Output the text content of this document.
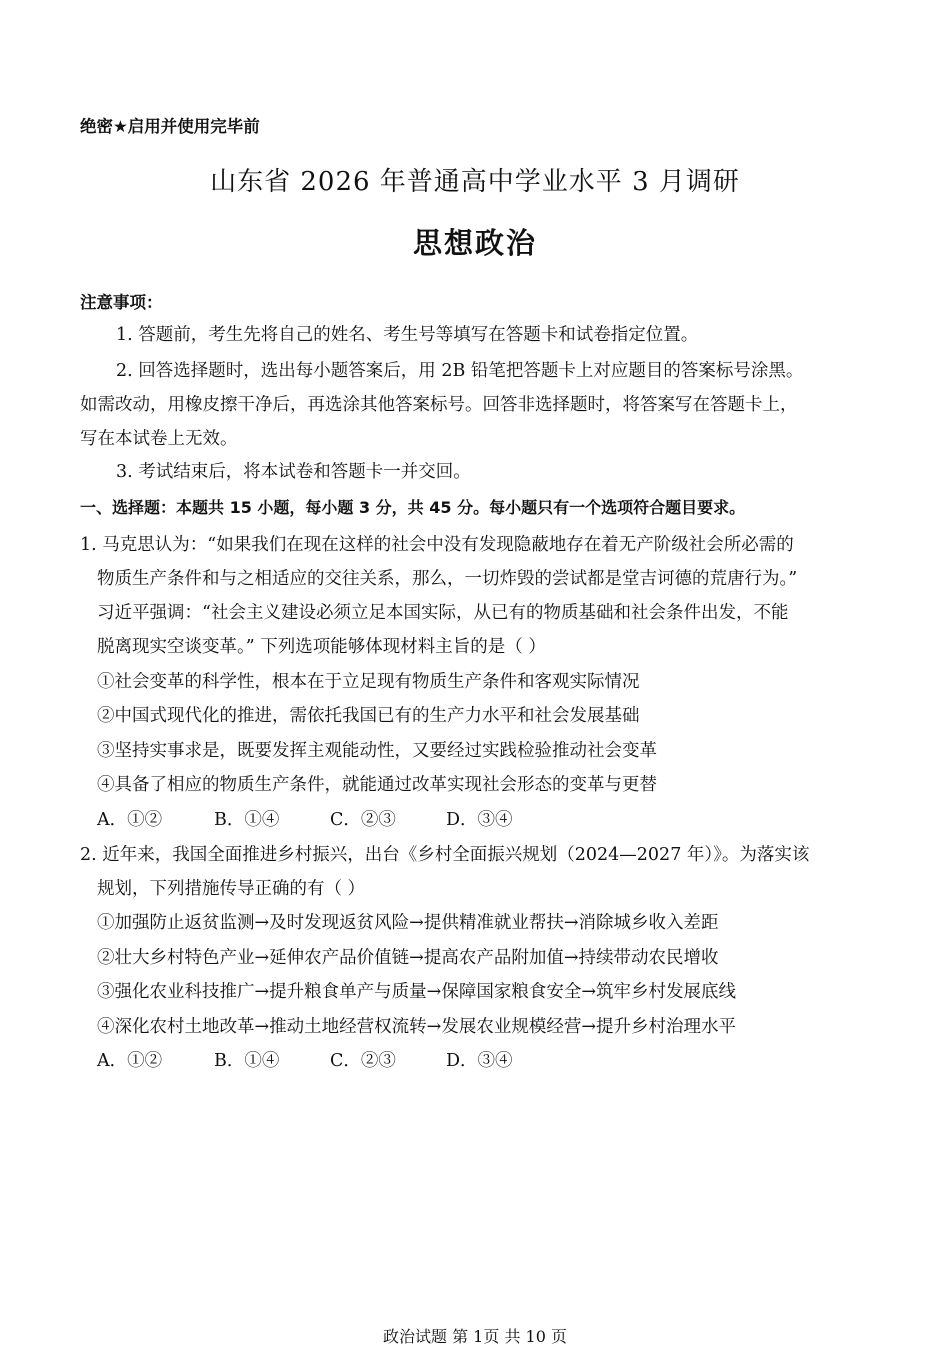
绝密★启用并使用完毕前
山东省 2026 年普通高中学业水平 3 月调研
思想政治
注意事项：
1. 答题前，考生先将自己的姓名、考生号等填写在答题卡和试卷指定位置。
2. 回答选择题时，选出每小题答案后，用 2B 铅笔把答题卡上对应题目的答案标号涂黑。
如需改动，用橡皮擦干净后，再选涂其他答案标号。回答非选择题时，将答案写在答题卡上，
写在本试卷上无效。
3. 考试结束后，将本试卷和答题卡一并交回。
一、选择题：本题共 15 小题，每小题 3 分，共 45 分。每小题只有一个选项符合题目要求。
1. 马克思认为：“如果我们在现在这样的社会中没有发现隐蔽地存在着无产阶级社会所必需的
物质生产条件和与之相适应的交往关系，那么，一切炸毁的尝试都是堂吉诃德的荒唐行为。”
习近平强调：“社会主义建设必须立足本国实际，从已有的物质基础和社会条件出发，不能
脱离现实空谈变革。” 下列选项能够体现材料主旨的是（ ）
①社会变革的科学性，根本在于立足现有物质生产条件和客观实际情况
②中国式现代化的推进，需依托我国已有的生产力水平和社会发展基础
③坚持实事求是，既要发挥主观能动性，又要经过实践检验推动社会变革
④具备了相应的物质生产条件，就能通过改革实现社会形态的变革与更替
A．①②	B．①④	C．②③	D．③④
2. 近年来，我国全面推进乡村振兴，出台《乡村全面振兴规划（2024—2027 年）》。为落实该
规划，下列措施传导正确的有（ ）
①加强防止返贫监测→及时发现返贫风险→提供精准就业帮扶→消除城乡收入差距
②壮大乡村特色产业→延伸农产品价值链→提高农产品附加值→持续带动农民增收
③强化农业科技推广→提升粮食单产与质量→保障国家粮食安全→筑牢乡村发展底线
④深化农村土地改革→推动土地经营权流转→发展农业规模经营→提升乡村治理水平
A．①②	B．①④	C．②③	D．③④
政治试题 第 1页 共 10 页
